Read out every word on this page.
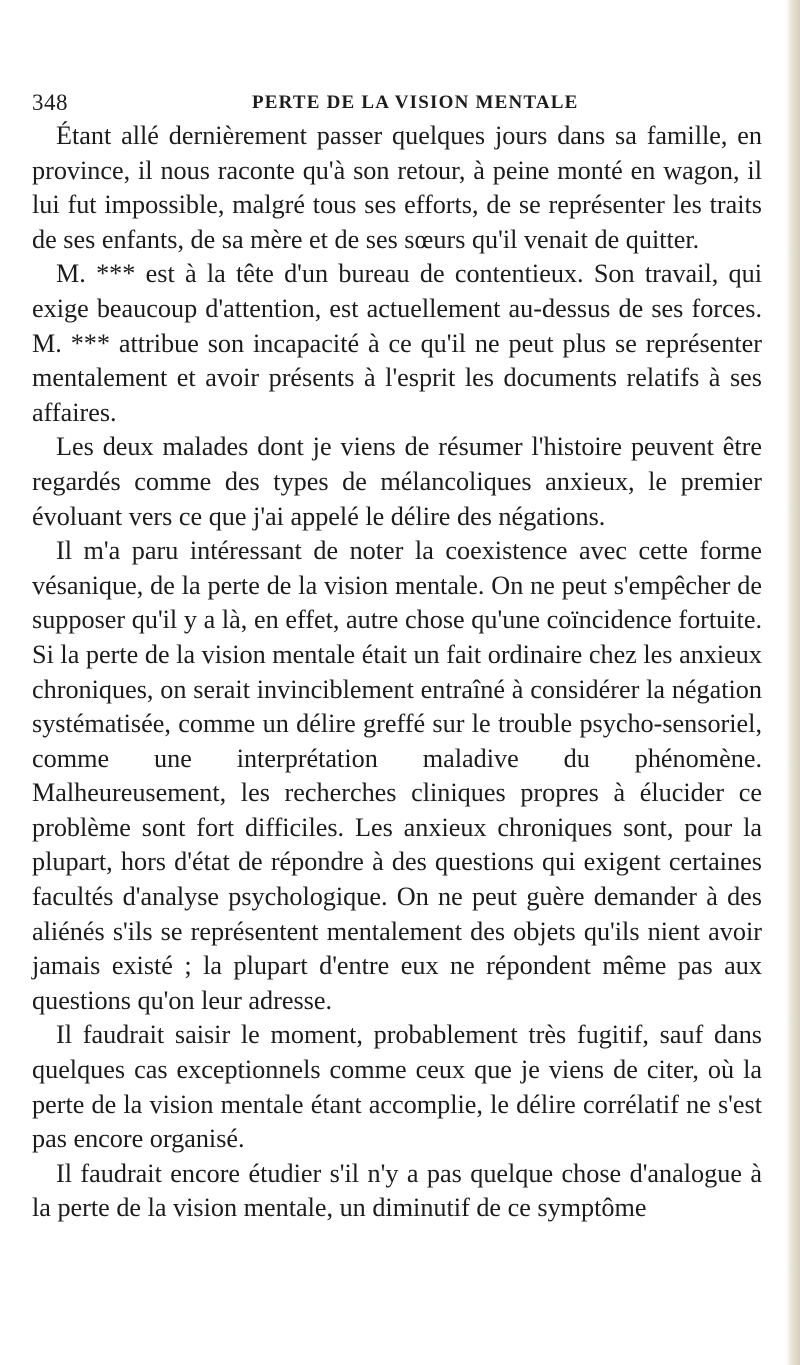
348	PERTE DE LA VISION MENTALE

Étant allé dernièrement passer quelques jours dans sa famille, en province, il nous raconte qu'à son retour, à peine monté en wagon, il lui fut impossible, malgré tous ses efforts, de se représenter les traits de ses enfants, de sa mère et de ses sœurs qu'il venait de quitter.

M. *** est à la tête d'un bureau de contentieux. Son travail, qui exige beaucoup d'attention, est actuellement au-dessus de ses forces. M. *** attribue son incapacité à ce qu'il ne peut plus se représenter mentalement et avoir présents à l'esprit les documents relatifs à ses affaires.

Les deux malades dont je viens de résumer l'histoire peuvent être regardés comme des types de mélancoliques anxieux, le premier évoluant vers ce que j'ai appelé le délire des négations.

Il m'a paru intéressant de noter la coexistence avec cette forme vésanique, de la perte de la vision mentale. On ne peut s'empêcher de supposer qu'il y a là, en effet, autre chose qu'une coïncidence fortuite. Si la perte de la vision mentale était un fait ordinaire chez les anxieux chroniques, on serait invinciblement entraîné à considérer la négation systématisée, comme un délire greffé sur le trouble psycho-sensoriel, comme une interprétation maladive du phénomène. Malheureusement, les recherches cliniques propres à élucider ce problème sont fort difficiles. Les anxieux chroniques sont, pour la plupart, hors d'état de répondre à des questions qui exigent certaines facultés d'analyse psychologique. On ne peut guère demander à des aliénés s'ils se représentent mentalement des objets qu'ils nient avoir jamais existé ; la plupart d'entre eux ne répondent même pas aux questions qu'on leur adresse.

Il faudrait saisir le moment, probablement très fugitif, sauf dans quelques cas exceptionnels comme ceux que je viens de citer, où la perte de la vision mentale étant accomplie, le délire corrélatif ne s'est pas encore organisé.

Il faudrait encore étudier s'il n'y a pas quelque chose d'analogue à la perte de la vision mentale, un diminutif de ce symptôme
